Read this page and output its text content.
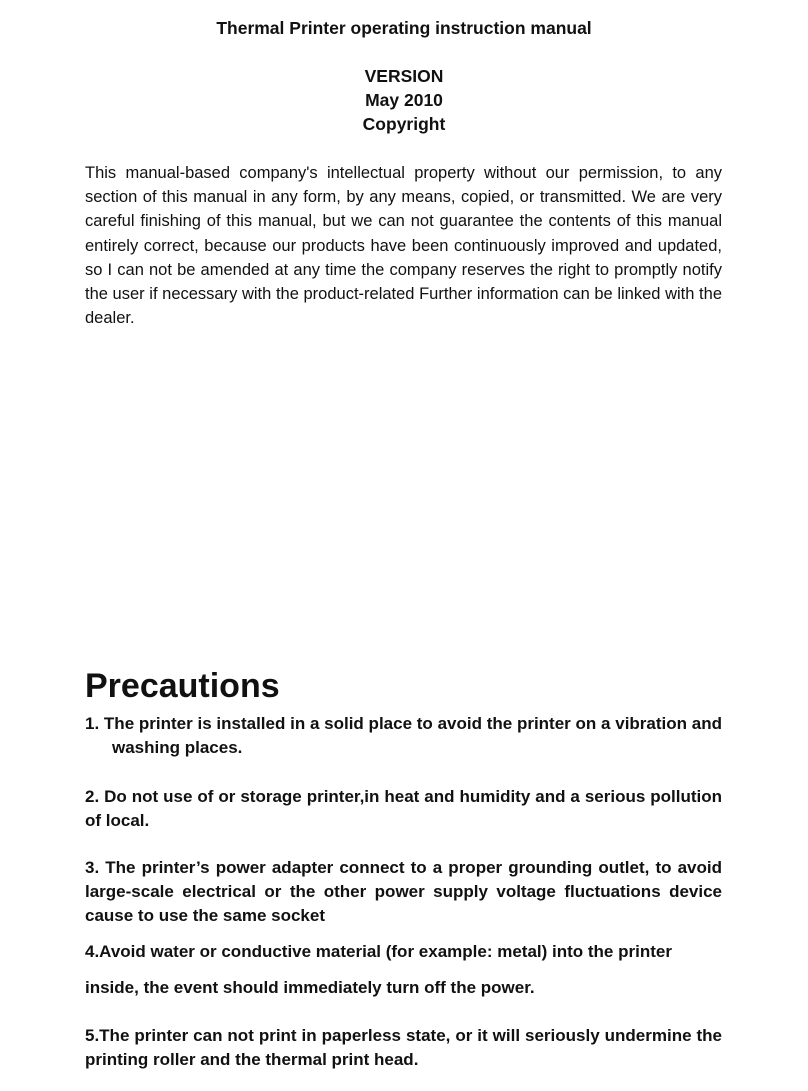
Thermal Printer operating instruction manual
VERSION
May 2010
Copyright

This manual-based company's intellectual property without our permission, to any section of this manual in any form, by any means, copied, or transmitted. We are very careful finishing of this manual, but we can not guarantee the contents of this manual entirely correct, because our products have been continuously improved and updated, so I can not be amended at any time the company reserves the right to promptly notify the user if necessary with the product-related Further information can be linked with the dealer.

Precautions

1. The printer is installed in a solid place to avoid the printer on a vibration and washing places.

2. Do not use of or storage printer,in heat and humidity and a serious pollution of local.

3. The printer’s power adapter connect to a proper grounding outlet, to avoid large-scale electrical or the other power supply voltage fluctuations device cause to use the same socket

4.Avoid water or conductive material (for example: metal) into the printer

inside, the event should immediately turn off the power.

5.The printer can not print in paperless state, or it will seriously undermine the printing roller and the thermal print head.
